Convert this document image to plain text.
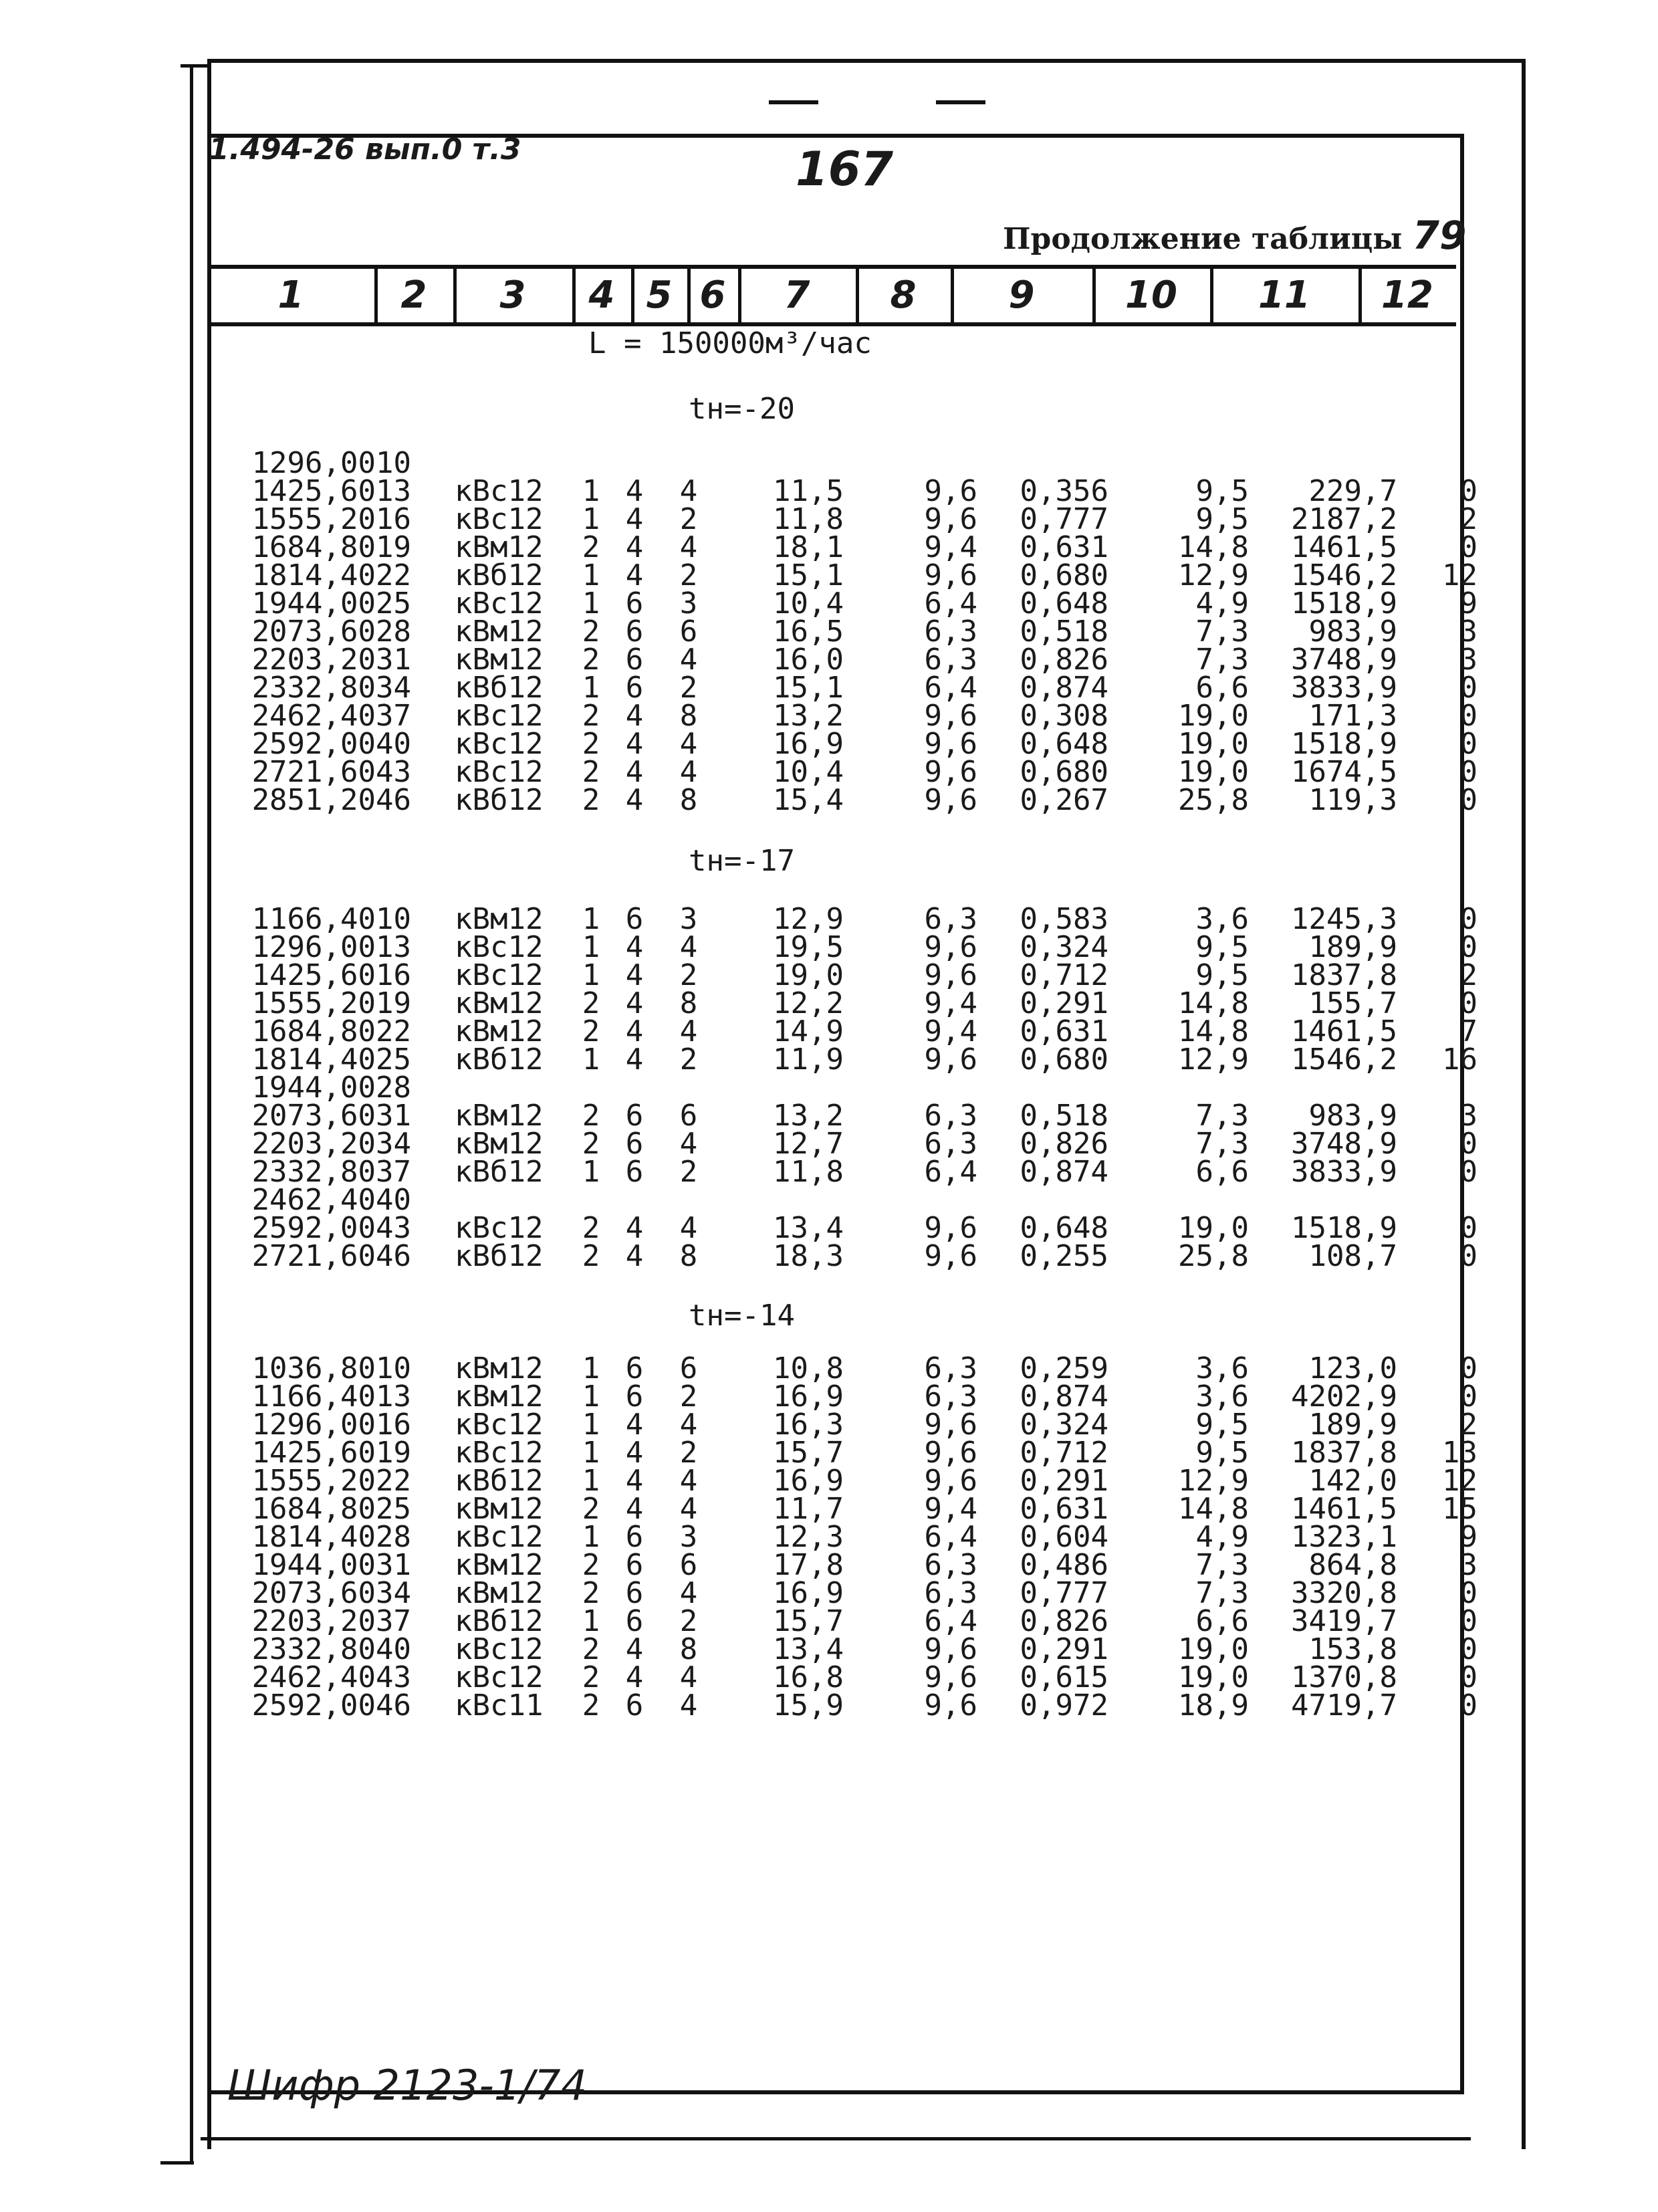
1.494-26 вып.0 т.3	167
Продолжение таблицы 79
1	2	3	4 5 6	7	8	9	10	11	12
L = 150000м³/час
tн=-20
1296,00	10										
1425,60	13	кВс12	1	4	4	11,5	9,6	0,356	9,5	229,7	0
1555,20	16	кВс12	1	4	2	11,8	9,6	0,777	9,5	2187,2	2
1684,80	19	кВм12	2	4	4	18,1	9,4	0,631	14,8	1461,5	0
1814,40	22	кВб12	1	4	2	15,1	9,6	0,680	12,9	1546,2	12
1944,00	25	кВс12	1	6	3	10,4	6,4	0,648	4,9	1518,9	9
2073,60	28	кВм12	2	6	6	16,5	6,3	0,518	7,3	983,9	3
2203,20	31	кВм12	2	6	4	16,0	6,3	0,826	7,3	3748,9	3
2332,80	34	кВб12	1	6	2	15,1	6,4	0,874	6,6	3833,9	0
2462,40	37	кВс12	2	4	8	13,2	9,6	0,308	19,0	171,3	0
2592,00	40	кВс12	2	4	4	16,9	9,6	0,648	19,0	1518,9	0
2721,60	43	кВс12	2	4	4	10,4	9,6	0,680	19,0	1674,5	0
2851,20	46	кВб12	2	4	8	15,4	9,6	0,267	25,8	119,3	0
tн=-17
1166,40	10	кВм12	1	6	3	12,9	6,3	0,583	3,6	1245,3	0
1296,00	13	кВс12	1	4	4	19,5	9,6	0,324	9,5	189,9	0
1425,60	16	кВс12	1	4	2	19,0	9,6	0,712	9,5	1837,8	2
1555,20	19	кВм12	2	4	8	12,2	9,4	0,291	14,8	155,7	0
1684,80	22	кВм12	2	4	4	14,9	9,4	0,631	14,8	1461,5	7
1814,40	25	кВб12	1	4	2	11,9	9,6	0,680	12,9	1546,2	16
1944,00	28										
2073,60	31	кВм12	2	6	6	13,2	6,3	0,518	7,3	983,9	3
2203,20	34	кВм12	2	6	4	12,7	6,3	0,826	7,3	3748,9	0
2332,80	37	кВб12	1	6	2	11,8	6,4	0,874	6,6	3833,9	0
2462,40	40										
2592,00	43	кВс12	2	4	4	13,4	9,6	0,648	19,0	1518,9	0
2721,60	46	кВб12	2	4	8	18,3	9,6	0,255	25,8	108,7	0
tн=-14
1036,80	10	кВм12	1	6	6	10,8	6,3	0,259	3,6	123,0	0
1166,40	13	кВм12	1	6	2	16,9	6,3	0,874	3,6	4202,9	0
1296,00	16	кВс12	1	4	4	16,3	9,6	0,324	9,5	189,9	2
1425,60	19	кВс12	1	4	2	15,7	9,6	0,712	9,5	1837,8	13
1555,20	22	кВб12	1	4	4	16,9	9,6	0,291	12,9	142,0	12
1684,80	25	кВм12	2	4	4	11,7	9,4	0,631	14,8	1461,5	15
1814,40	28	кВс12	1	6	3	12,3	6,4	0,604	4,9	1323,1	9
1944,00	31	кВм12	2	6	6	17,8	6,3	0,486	7,3	864,8	3
2073,60	34	кВм12	2	6	4	16,9	6,3	0,777	7,3	3320,8	0
2203,20	37	кВб12	1	6	2	15,7	6,4	0,826	6,6	3419,7	0
2332,80	40	кВс12	2	4	8	13,4	9,6	0,291	19,0	153,8	0
2462,40	43	кВс12	2	4	4	16,8	9,6	0,615	19,0	1370,8	0
2592,00	46	кВс11	2	6	4	15,9	9,6	0,972	18,9	4719,7	0
Шифр 2123-1/74
